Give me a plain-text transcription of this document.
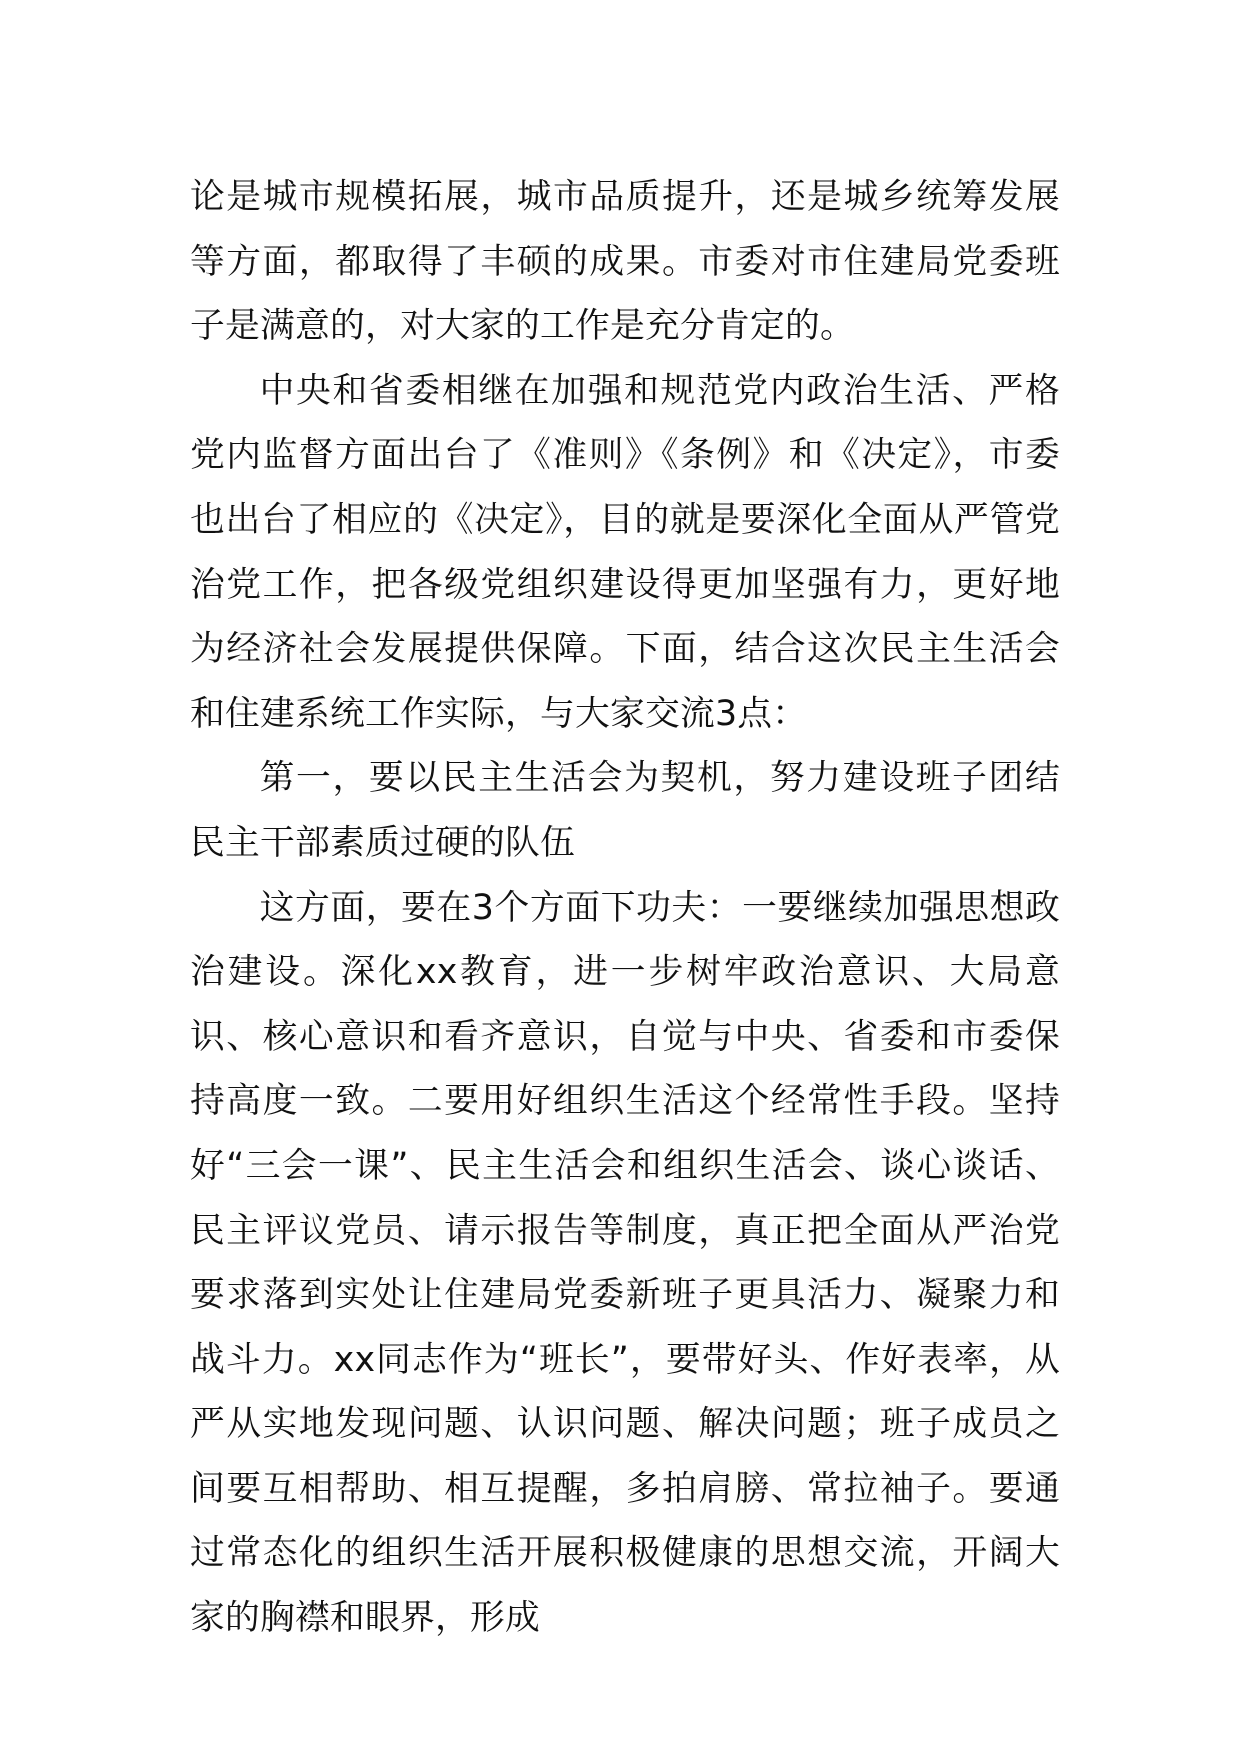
论是城市规模拓展，城市品质提升，还是城乡统筹发展等方面，都取得了丰硕的成果。市委对市住建局党委班子是满意的，对大家的工作是充分肯定的。

中央和省委相继在加强和规范党内政治生活、严格党内监督方面出台了《准则》《条例》和《决定》，市委也出台了相应的《决定》，目的就是要深化全面从严管党治党工作，把各级党组织建设得更加坚强有力，更好地为经济社会发展提供保障。下面，结合这次民主生活会和住建系统工作实际，与大家交流3点：

第一，要以民主生活会为契机，努力建设班子团结民主干部素质过硬的队伍

这方面，要在3个方面下功夫：一要继续加强思想政治建设。深化xx教育，进一步树牢政治意识、大局意识、核心意识和看齐意识，自觉与中央、省委和市委保持高度一致。二要用好组织生活这个经常性手段。坚持好“三会一课”、民主生活会和组织生活会、谈心谈话、民主评议党员、请示报告等制度，真正把全面从严治党要求落到实处让住建局党委新班子更具活力、凝聚力和战斗力。xx同志作为“班长”，要带好头、作好表率，从严从实地发现问题、认识问题、解决问题；班子成员之间要互相帮助、相互提醒，多拍肩膀、常拉袖子。要通过常态化的组织生活开展积极健康的思想交流，开阔大家的胸襟和眼界，形成
